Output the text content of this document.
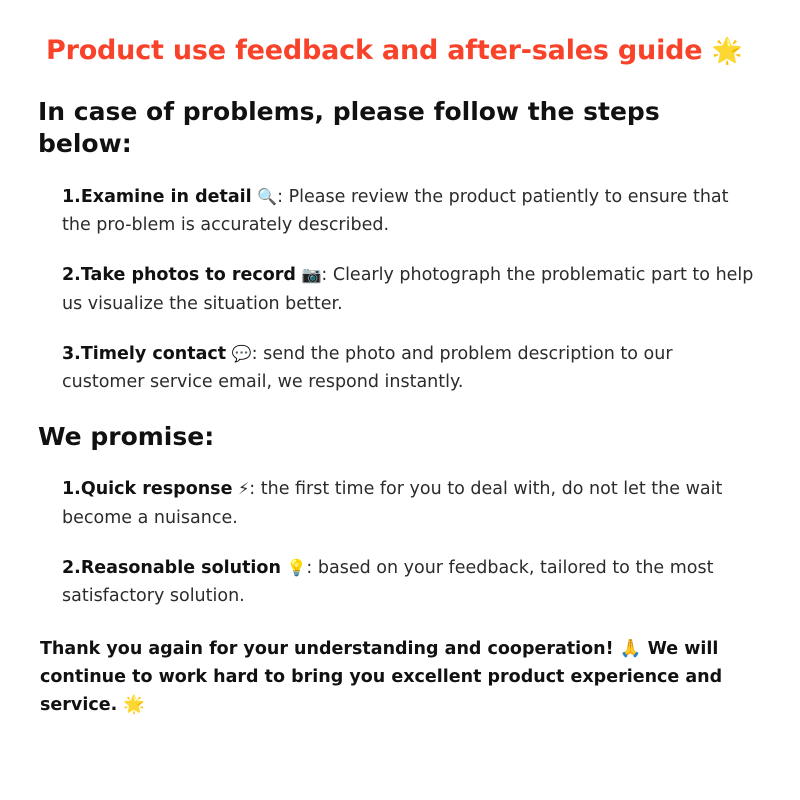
Product use feedback and after-sales guide 🌟
In case of problems, please follow the steps below:
1.Examine in detail 🔍: Please review the product patiently to ensure that the pro-blem is accurately described.
2.Take photos to record 📷: Clearly photograph the problematic part to help us visualize the situation better.
3.Timely contact 💬: send the photo and problem description to our customer service email, we respond instantly.
We promise:
1.Quick response ⚡: the first time for you to deal with, do not let the wait become a nuisance.
2.Reasonable solution 💡: based on your feedback, tailored to the most satisfactory solution.

Thank you again for your understanding and cooperation! 🙏 We will continue to work hard to bring you excellent product experience and service. 🌟
